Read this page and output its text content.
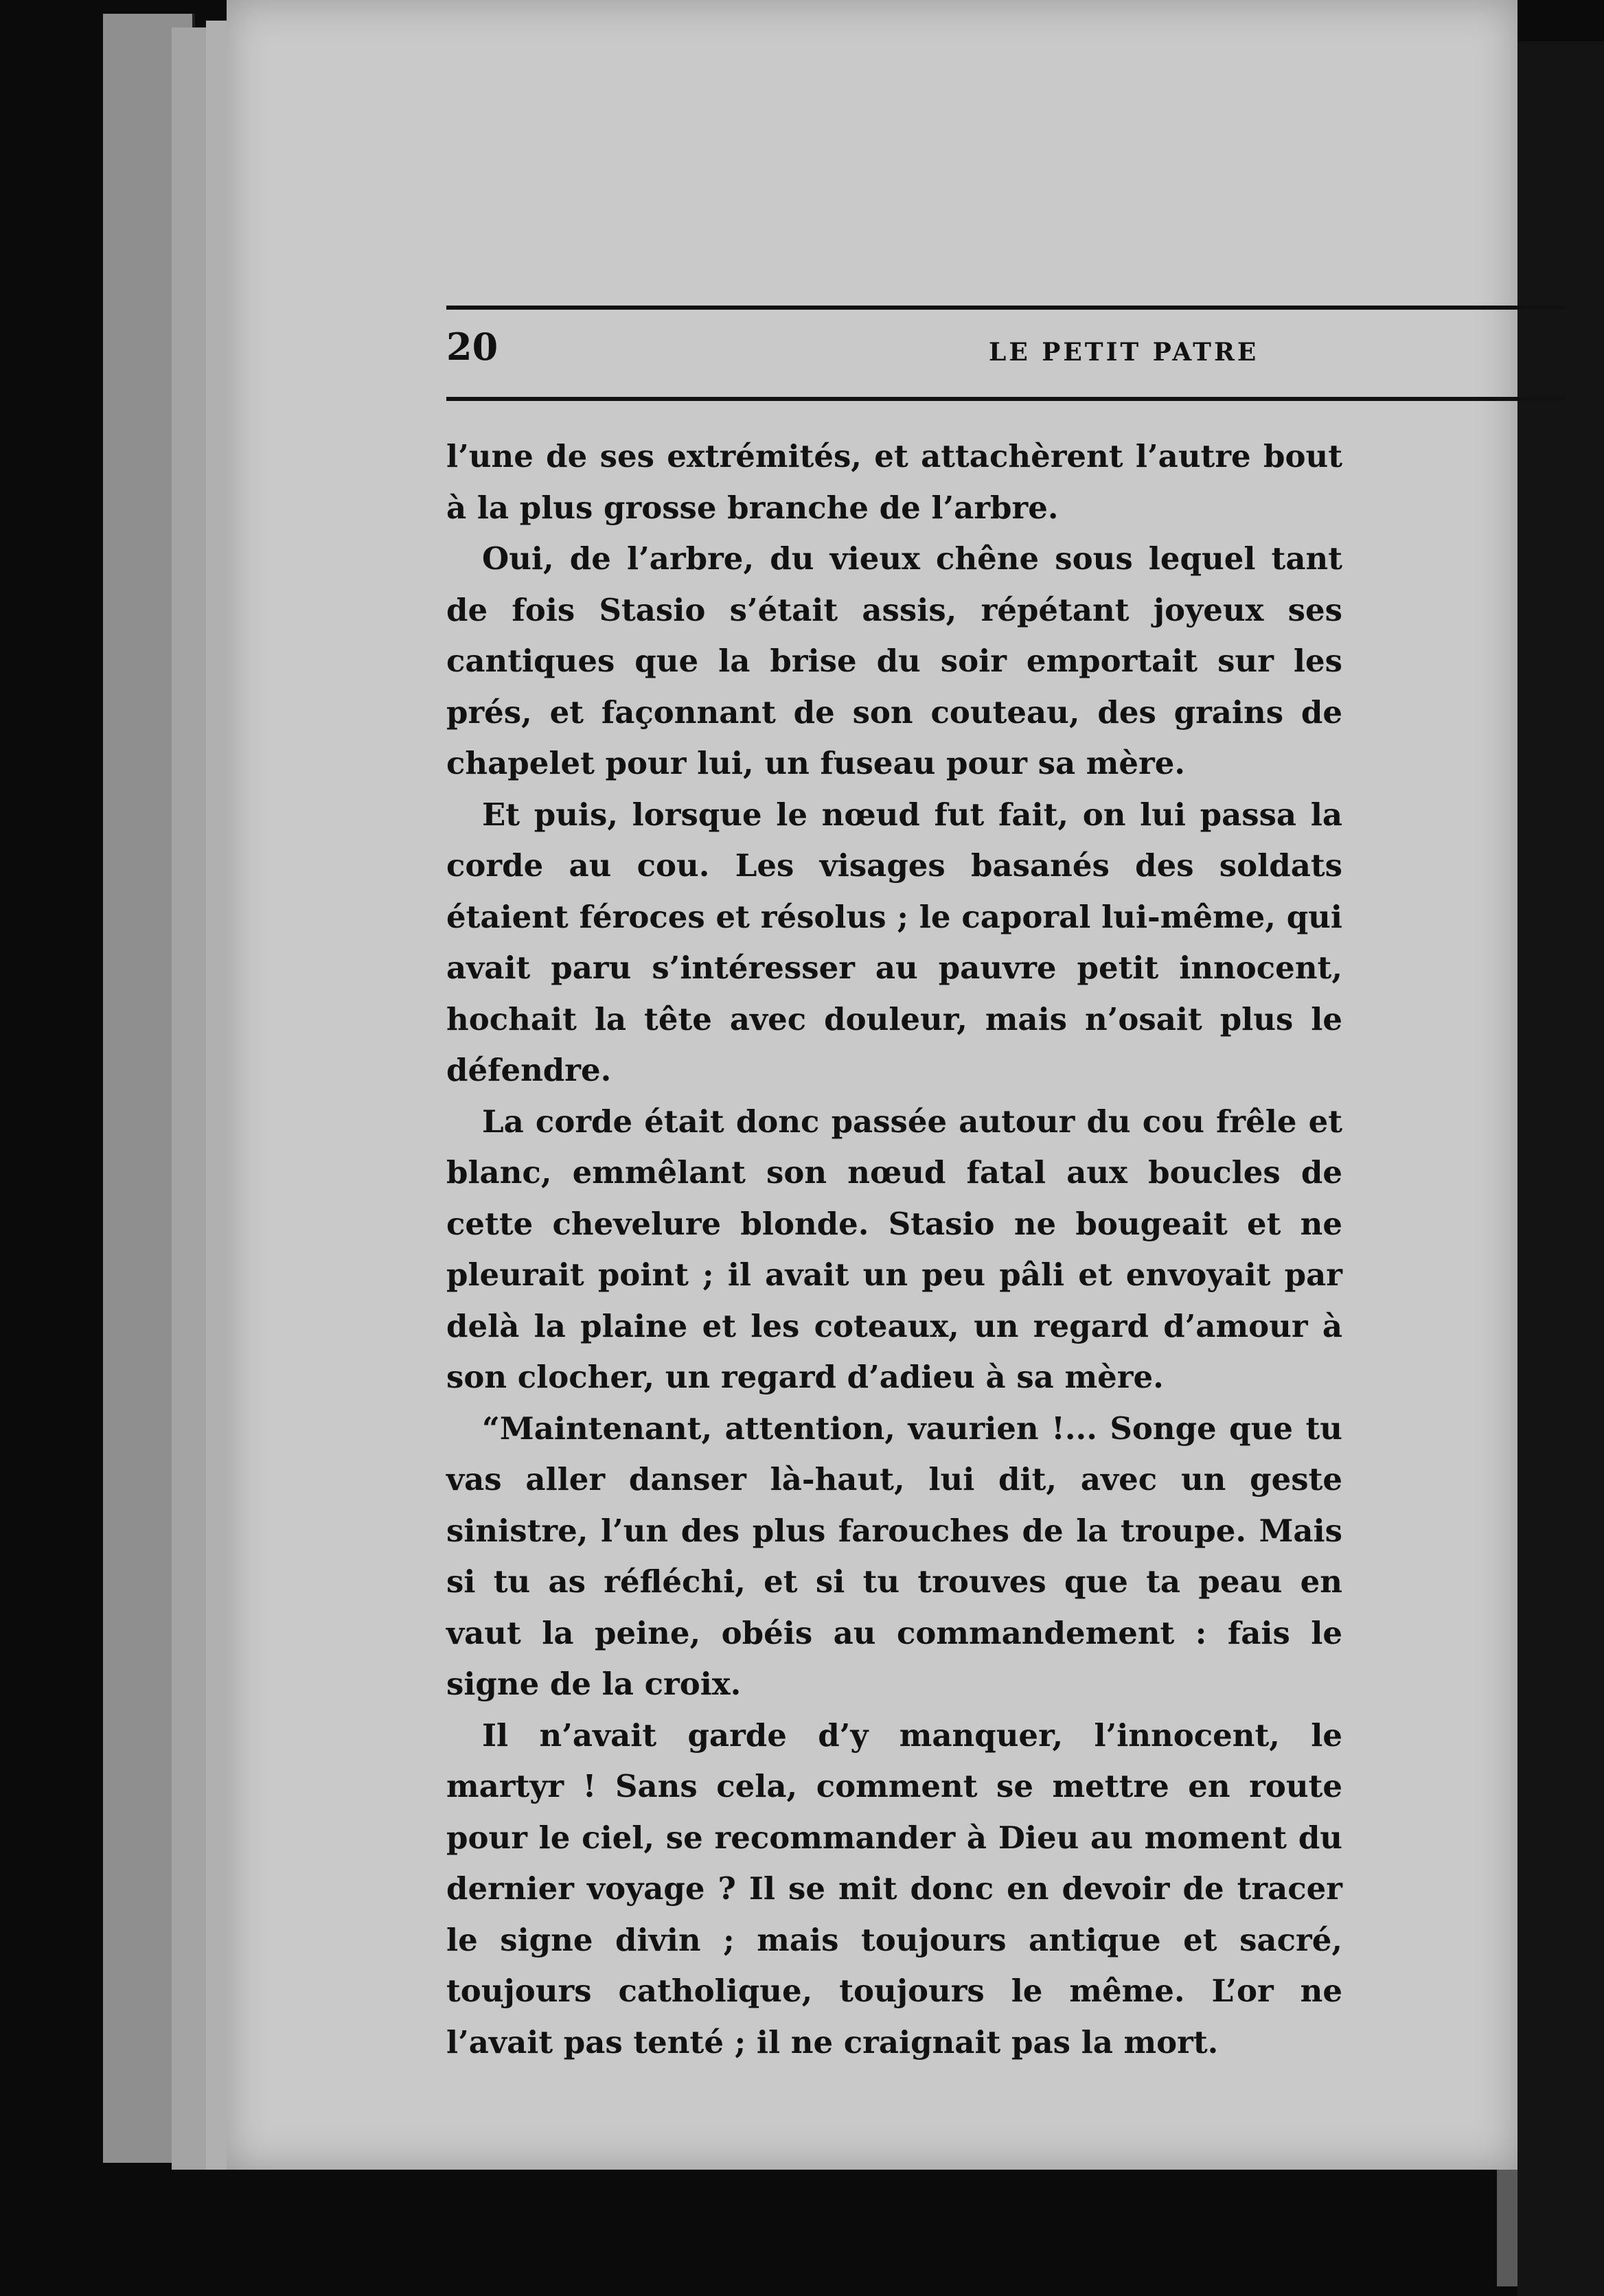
20	LE PETIT PATRE

l’une de ses extrémités, et attachèrent l’autre bout à la plus grosse branche de l’arbre.

Oui, de l’arbre, du vieux chêne sous lequel tant de fois Stasio s’était assis, répétant joyeux ses cantiques que la brise du soir emportait sur les prés, et façonnant de son couteau, des grains de chapelet pour lui, un fuseau pour sa mère.

Et puis, lorsque le nœud fut fait, on lui passa la corde au cou. Les visages basanés des soldats étaient féroces et résolus ; le caporal lui-même, qui avait paru s’intéresser au pauvre petit innocent, hochait la tête avec douleur, mais n’osait plus le défendre.

La corde était donc passée autour du cou frêle et blanc, emmêlant son nœud fatal aux boucles de cette chevelure blonde. Stasio ne bougeait et ne pleurait point ; il avait un peu pâli et envoyait par delà la plaine et les coteaux, un regard d’amour à son clocher, un regard d’adieu à sa mère.

“Maintenant, attention, vaurien !... Songe que tu vas aller danser là-haut, lui dit, avec un geste sinistre, l’un des plus farouches de la troupe. Mais si tu as réfléchi, et si tu trouves que ta peau en vaut la peine, obéis au commandement : fais le signe de la croix.

Il n’avait garde d’y manquer, l’innocent, le martyr ! Sans cela, comment se mettre en route pour le ciel, se recommander à Dieu au moment du dernier voyage ? Il se mit donc en devoir de tracer le signe divin ; mais toujours antique et sacré, toujours catholique, toujours le même. L’or ne l’avait pas tenté ; il ne craignait pas la mort.
